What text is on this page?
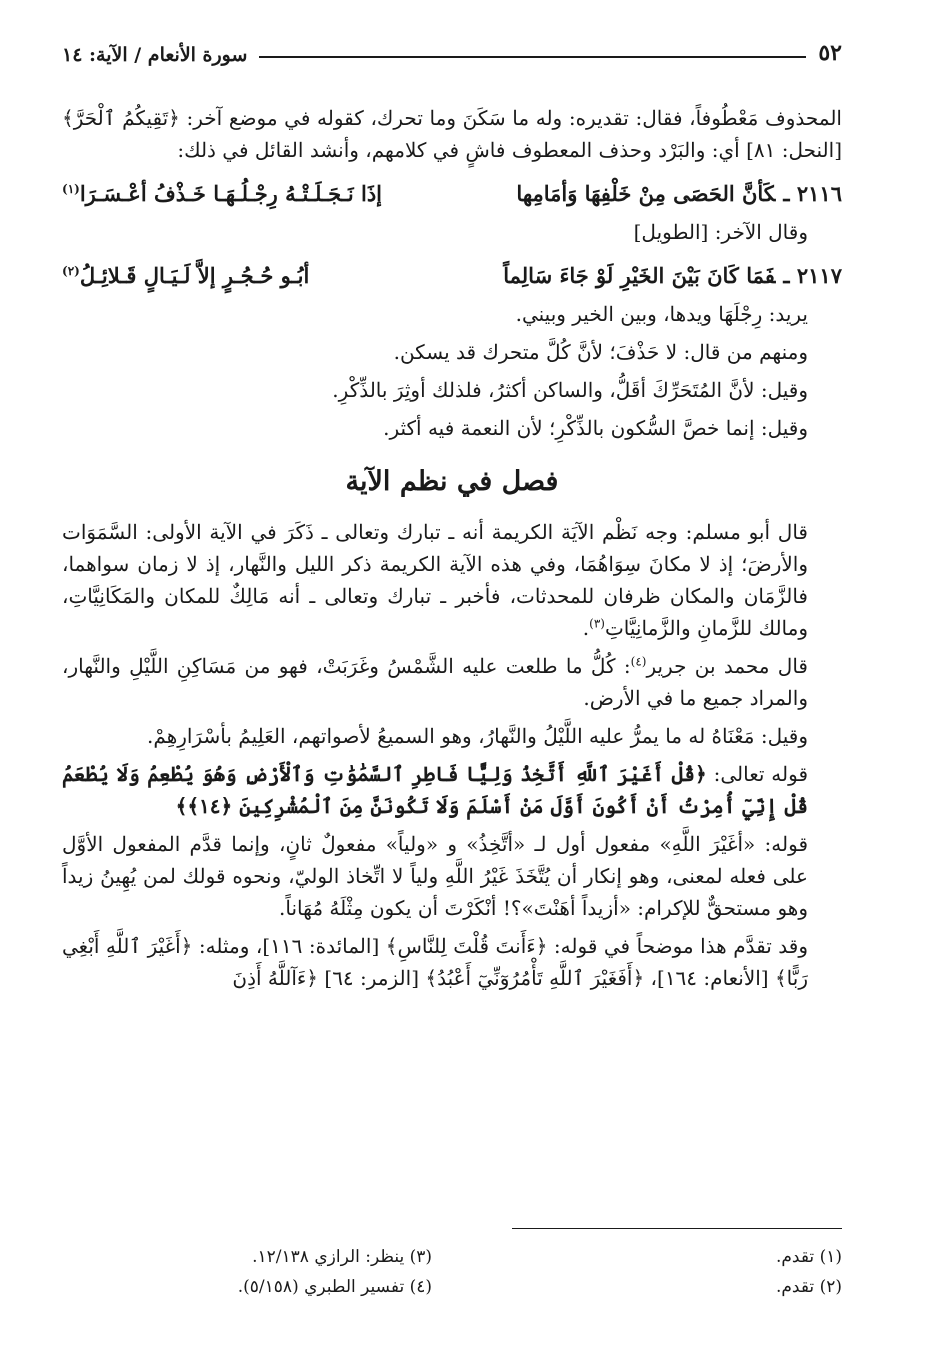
٥٢
سورة الأنعام / الآية: ١٤

المحذوف مَعْطُوفاً، فقال: تقديره: وله ما سَكَنَ وما تحرك، كقوله في موضع آخر: ﴿تَقِيكُمُ ٱلْحَرَّ﴾ [النحل: ٨١] أي: والبَرْد وحذف المعطوف فاشٍ في كلامهم، وأنشد القائل في ذلك:

٢١١٦ ـكَأنَّ الحَصَى مِنْ خَلْفِهَا وَأمَامِها
إذَا نَـجَـلَـتْـهُ رِجْـلُـهَـا خَـذْفُ أعْـسَـرَا$^{(١)}$

وقال الآخر: [الطويل]

٢١١٧ ـفَمَا كَانَ بَيْنَ الخَيْرِ لَوْ جَاءَ سَالِماً
أبُـو حُـجُـرٍ إلاَّ لَـيَـالٍ قَـلائِـلُ$^{(٢)}$

يريد: رِجْلَهَا ويدها، وبين الخير وبيني.

ومنهم من قال: لا حَذْفَ؛ لأنَّ كُلَّ متحرك قد يسكن.

وقيل: لأنَّ المُتَحَرِّكَ أقَلُّ، والساكن أكثرُ، فلذلك أوثِرَ بالذِّكْرِ.

وقيل: إنما خصَّ السُّكون بالذِّكْرِ؛ لأن النعمة فيه أكثر.

فصل في نظم الآية

قال أبو مسلم: وجه نَظْم الآيَة الكريمة أنه ـ تبارك وتعالى ـ ذَكَرَ في الآية الأولى: السَّمَوَات والأرضَ؛ إذ لا مكانَ سِوَاهُمَا، وفي هذه الآية الكريمة ذكر الليل والنَّهار، إذ لا زمان سواهما، فالزَّمَان والمكان ظرفان للمحدثات، فأخبر ـ تبارك وتعالى ـ أنه مَالِكٌ للمكان والمَكَانِيَّاتِ، ومالك للزَّمانِ والزَّمانِيَّاتِ$^{(٣)}$.

قال محمد بن جرير$^{(٤)}$: كُلُّ ما طلعت عليه الشَّمْسُ وغَرَبَتْ، فهو من مَسَاكِنِ اللَّيْلِ والنَّهار، والمراد جميع ما في الأرض.

وقيل: مَعْنَاهُ له ما يمرُّ عليه اللَّيْلُ والنَّهارُ، وهو السميعُ لأصواتهم، العَلِيمُ بأسْرَارِهِمْ.

قوله تعالى: ﴿قُلْ أَغَيْرَ ٱللَّهِ أَتَّخِذُ وَلِيًّا فَاطِرِ ٱلسَّمَٰوَٰتِ وَٱلْأَرْضِ وَهُوَ يُطْعِمُ وَلَا يُطْعَمُ قُلْ إِنِّيٓ أُمِرْتُ أَنْ أَكُونَ أَوَّلَ مَنْ أَسْلَمَ وَلَا تَكُونَنَّ مِنَ ٱلْمُشْرِكِينَ ﴿١٤﴾﴾

قوله: «أغَيْرَ اللَّهِ» مفعول أول لـ «أتَّخِذُ» و «ولياً» مفعولٌ ثانٍ، وإنما قدَّم المفعول الأوَّل على فعله لمعنى، وهو إنكار أن يُتَّخَذَ غَيْرُ اللَّهِ ولياً لا اتِّخاذ الوليّ، ونحوه قولك لمن يُهِينُ زيداً وهو مستحقٌّ للإكرام: «أزيداً أهَنْتَ»؟! أنْكَرْتَ أن يكون مِثْلَهُ مُهَاناً.

وقد تقدَّم هذا موضحاً في قوله: ﴿ءَأَنتَ قُلْتَ لِلنَّاسِ﴾ [المائدة: ١١٦]، ومثله: ﴿أَغَيْرَ ٱللَّهِ أَبْغِي رَبًّا﴾ [الأنعام: ١٦٤]، ﴿أَفَغَيْرَ ٱللَّهِ تَأْمُرُوٓنِّيٓ أَعْبُدُ﴾ [الزمر: ٦٤] ﴿ءَآللَّهُ أَذِنَ

(١) تقدم.
(٢) تقدم.
(٣) ينظر: الرازي ١٢/١٣٨.
(٤) تفسير الطبري (٥/١٥٨).
